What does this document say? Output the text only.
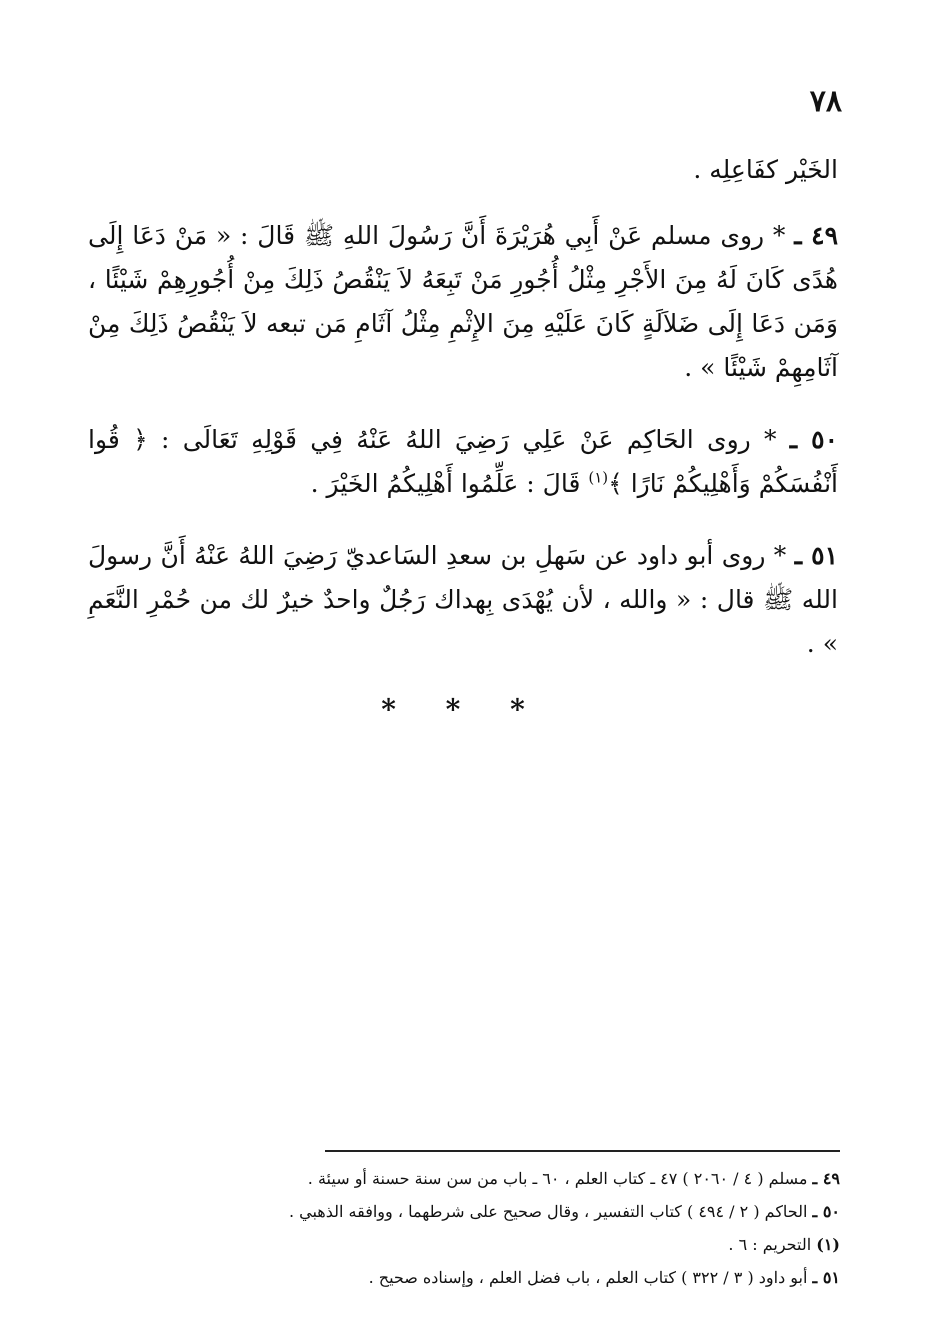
٧٨

الخَيْر كفَاعِلِه .

٤٩ ـ * روى مسلم عَنْ أَبِي هُرَيْرَةَ أَنَّ رَسُولَ اللهِ ﷺ قَالَ : « مَنْ دَعَا إِلَى هُدًى كَانَ لَهُ مِنَ الأَجْرِ مِثْلُ أُجُورِ مَنْ تَبِعَهُ لاَ يَنْقُصُ ذَلِكَ مِنْ أُجُورِهِمْ شَيْئًا ، وَمَن دَعَا إِلَى ضَلاَلَةٍ كَانَ عَلَيْهِ مِنَ الإِثْمِ مِثْلُ آثَامِ مَن تبعه لاَ يَنْقُصُ ذَلِكَ مِنْ آثَامِهِمْ شَيْئًا » .

٥٠ ـ * روى الحَاكِم عَنْ عَلِي رَضِيَ اللهُ عَنْهُ فِي قَوْلِهِ تَعَالَى : ﴿ قُوا أَنْفُسَكُمْ وَأَهْلِيكُمْ نَارًا ﴾$^{(١)}$ قَالَ : عَلِّمُوا أَهْلِيكُمُ الخَيْرَ .

٥١ ـ * روى أبو داود عن سَهلِ بن سعدِ السَاعديّ رَضِيَ اللهُ عَنْهُ أَنَّ رسولَ الله ﷺ قال : « والله ، لأن يُهْدَى بِهداك رَجُلٌ واحدٌ خيرٌ لك من حُمْرِ النَّعَمِ » .

* * *

٤٩ ـ مسلم ( ٤ / ٢٠٦٠ ) ٤٧ ـ كتاب العلم ، ٦٠ ـ باب من سن سنة حسنة أو سيئة .

٥٠ ـ الحاكم ( ٢ / ٤٩٤ ) كتاب التفسير ، وقال صحيح على شرطهما ، ووافقه الذهبي .

(١) التحريم : ٦ .

٥١ ـ أبو داود ( ٣ / ٣٢٢ ) كتاب العلم ، باب فضل العلم ، وإسناده صحيح .
